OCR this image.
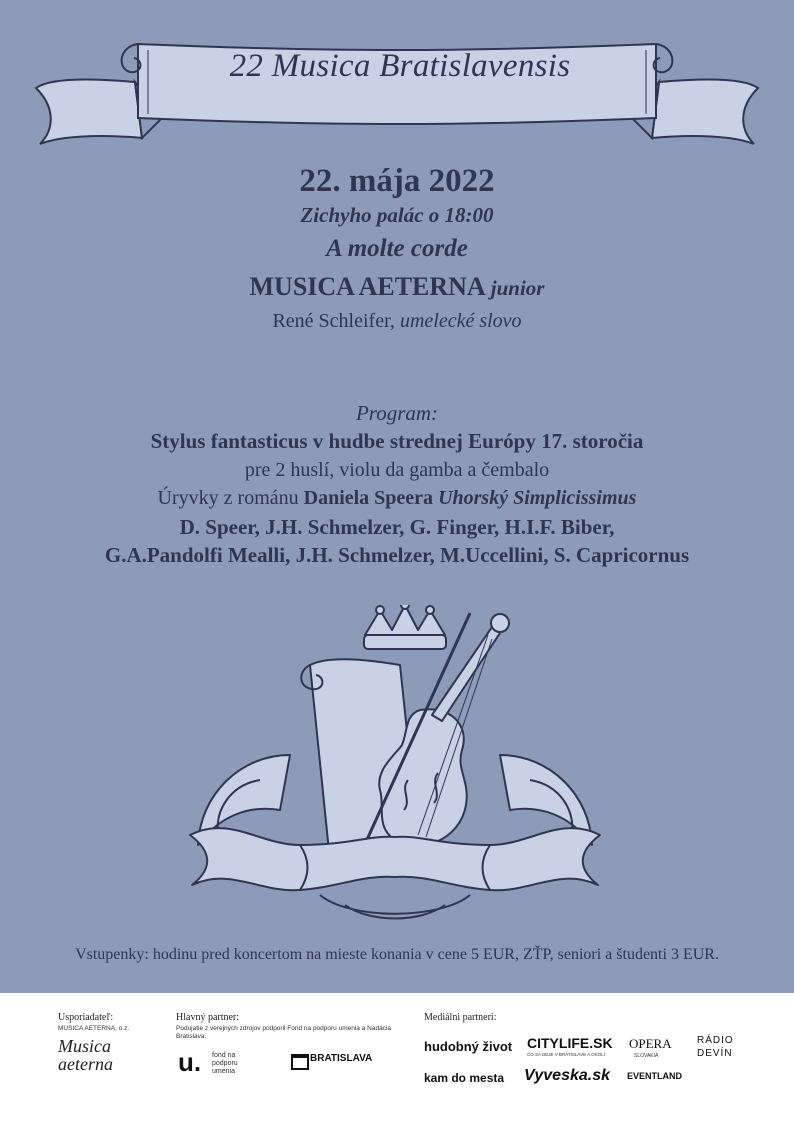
22 Musica Bratislavensis
22. mája 2022
Zichyho palác o 18:00
A molte corde
MUSICA AETERNA junior
René Schleifer, umelecké slovo
Program:
Stylus fantasticus v hudbe strednej Európy 17. storočia
pre 2 huslí, violu da gamba a čembalo
Úryvky z románu Daniela Speera Uhorský Simplicissimus
D. Speer, J.H. Schmelzer, G. Finger, H.I.F. Biber,
G.A.Pandolfi Mealli, J.H. Schmelzer, M.Uccellini, S. Capricornus
Vstupenky: hodinu pred koncertom na mieste konania v cene 5 EUR, ZŤP, seniori a študenti 3 EUR.
Usporiadateľ:
MUSICA AETERNA, o.z.
Musica aeterna
Hlavný partner:
Podujatie z verejných zdrojov podporil Fond na podporu umenia a Nadácia Bratislava.
u. fond na podporu umenia
BRATISLAVA
Mediálni partneri:
hudobný život CITYLIFE.SK
ČO SA DEJE V BRATISLAVE A OKOLÍ
OPERA
SLOVAKIA
RÁDIO
DEVÍN
kam do mesta Vyveska.sk EVENTLAND
